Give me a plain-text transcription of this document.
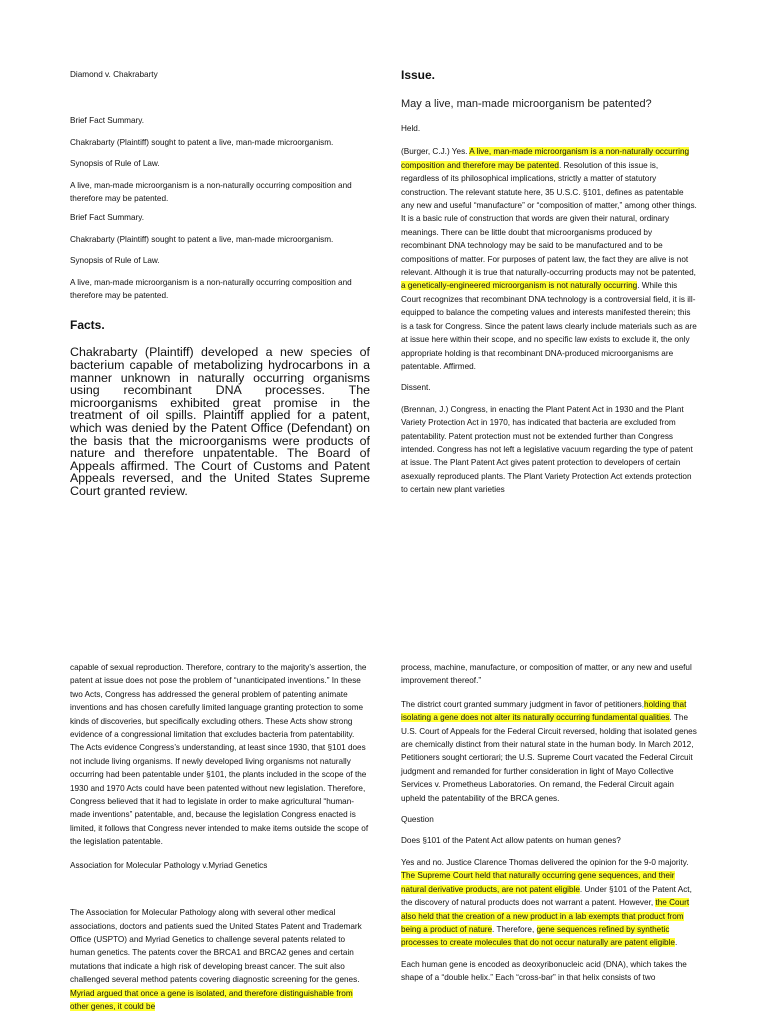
Diamond v. Chakrabarty

Brief Fact Summary.

Chakrabarty (Plaintiff) sought to patent a live, man-made microorganism.

Synopsis of Rule of Law.

A live, man-made microorganism is a non-naturally occurring composition and therefore may be patented.

Brief Fact Summary.

Chakrabarty (Plaintiff) sought to patent a live, man-made microorganism.

Synopsis of Rule of Law.

A live, man-made microorganism is a non-naturally occurring composition and therefore may be patented.

Facts.

Chakrabarty (Plaintiff) developed a new species of bacterium capable of metabolizing hydrocarbons in a manner unknown in naturally occurring organisms using recombinant DNA processes. The microorganisms exhibited great promise in the treatment of oil spills. Plaintiff applied for a patent, which was denied by the Patent Office (Defendant) on the basis that the microorganisms were products of nature and therefore unpatentable. The Board of Appeals affirmed. The Court of Customs and Patent Appeals reversed, and the United States Supreme Court granted review.

Issue.

May a live, man-made microorganism be patented?

Held.

(Burger, C.J.) Yes. A live, man-made microorganism is a non-naturally occurring composition and therefore may be patented. Resolution of this issue is, regardless of its philosophical implications, strictly a matter of statutory construction. The relevant statute here, 35 U.S.C. §101, defines as patentable any new and useful “manufacture” or “composition of matter,” among other things. It is a basic rule of construction that words are given their natural, ordinary meanings. There can be little doubt that microorganisms produced by recombinant DNA technology may be said to be manufactured and to be compositions of matter. For purposes of patent law, the fact they are alive is not relevant. Although it is true that naturally-occurring products may not be patented, a genetically-engineered microorganism is not naturally occurring. While this Court recognizes that recombinant DNA technology is a controversial field, it is ill-equipped to balance the competing values and interests manifested therein; this is a task for Congress. Since the patent laws clearly include materials such as are at issue here within their scope, and no specific law exists to exclude it, the only appropriate holding is that recombinant DNA-produced microorganisms are patentable. Affirmed.

Dissent.

(Brennan, J.) Congress, in enacting the Plant Patent Act in 1930 and the Plant Variety Protection Act in 1970, has indicated that bacteria are excluded from patentability. Patent protection must not be extended further than Congress intended. Congress has not left a legislative vacuum regarding the type of patent at issue. The Plant Patent Act gives patent protection to developers of certain asexually reproduced plants. The Plant Variety Protection Act extends protection to certain new plant varieties

capable of sexual reproduction. Therefore, contrary to the majority’s assertion, the patent at issue does not pose the problem of “unanticipated inventions.” In these two Acts, Congress has addressed the general problem of patenting animate inventions and has chosen carefully limited language granting protection to some kinds of discoveries, but specifically excluding others. These Acts show strong evidence of a congressional limitation that excludes bacteria from patentability. The Acts evidence Congress’s understanding, at least since 1930, that §101 does not include living organisms. If newly developed living organisms not naturally occurring had been patentable under §101, the plants included in the scope of the 1930 and 1970 Acts could have been patented without new legislation. Therefore, Congress believed that it had to legislate in order to make agricultural “human-made inventions” patentable, and, because the legislation Congress enacted is limited, it follows that Congress never intended to make items outside the scope of the legislation patentable.

Association for Molecular Pathology v.Myriad Genetics

The Association for Molecular Pathology along with several other medical associations, doctors and patients sued the United States Patent and Trademark Office (USPTO) and Myriad Genetics to challenge several patents related to human genetics. The patents cover the BRCA1 and BRCA2 genes and certain mutations that indicate a high risk of developing breast cancer. The suit also challenged several method patents covering diagnostic screening for the genes. Myriad argued that once a gene is isolated, and therefore distinguishable from other genes, it could be

process, machine, manufacture, or composition of matter, or any new and useful improvement thereof.”

The district court granted summary judgment in favor of petitioners,holding that isolating a gene does not alter its naturally occurring fundamental qualities. The U.S. Court of Appeals for the Federal Circuit reversed, holding that isolated genes are chemically distinct from their natural state in the human body. In March 2012, Petitioners sought certiorari; the U.S. Supreme Court vacated the Federal Circuit judgment and remanded for further consideration in light of Mayo Collective Services v. Prometheus Laboratories. On remand, the Federal Circuit again upheld the patentability of the BRCA genes.

Question

Does §101 of the Patent Act allow patents on human genes?

Yes and no. Justice Clarence Thomas delivered the opinion for the 9-0 majority. The Supreme Court held that naturally occurring gene sequences, and their natural derivative products, are not patent eligible. Under §101 of the Patent Act, the discovery of natural products does not warrant a patent. However, the Court also held that the creation of a new product in a lab exempts that product from being a product of nature. Therefore, gene sequences refined by synthetic processes to create molecules that do not occur naturally are patent eligible.

Each human gene is encoded as deoxyribonucleic acid (DNA), which takes the shape of a “double helix.” Each “cross-bar” in that helix consists of two
